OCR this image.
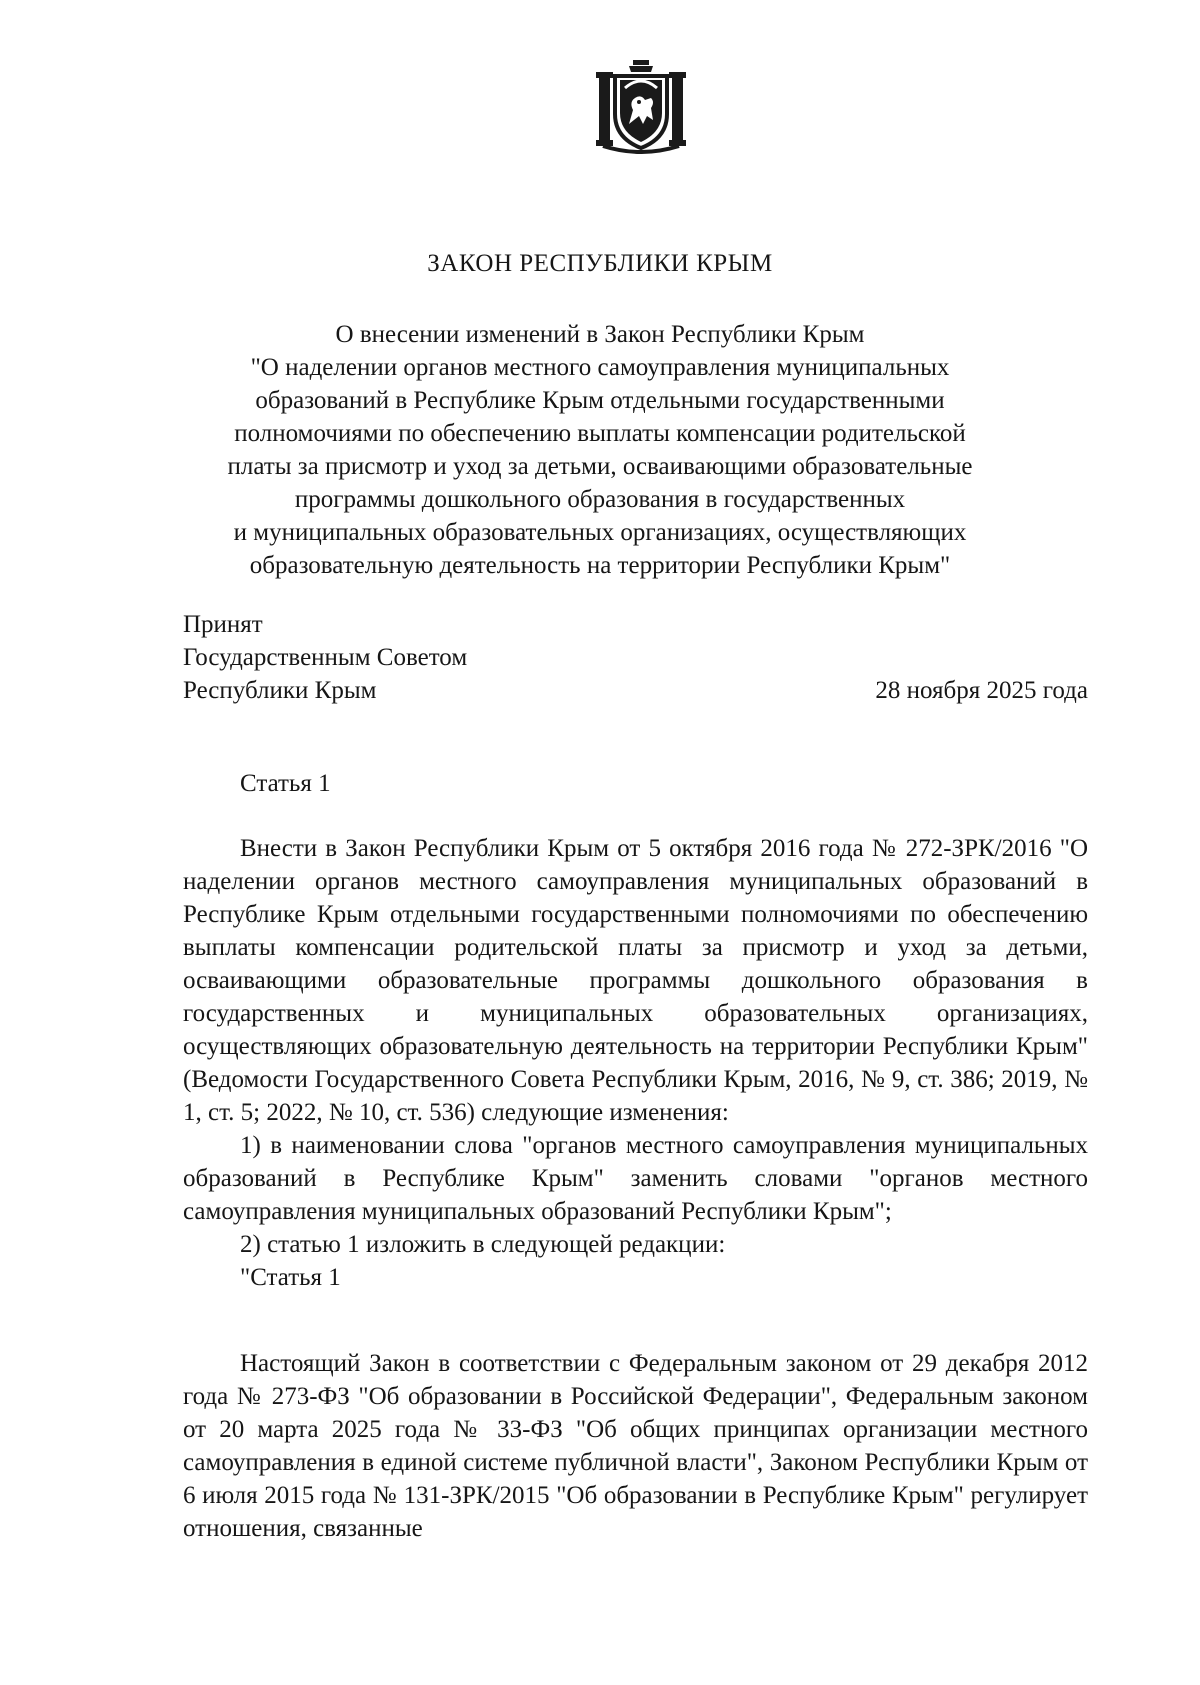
ЗАКОН РЕСПУБЛИКИ КРЫМ
О внесении изменений в Закон Республики Крым
"О наделении органов местного самоуправления муниципальных
образований в Республике Крым отдельными государственными
полномочиями по обеспечению выплаты компенсации родительской
платы за присмотр и уход за детьми, осваивающими образовательные
программы дошкольного образования в государственных
и муниципальных образовательных организациях, осуществляющих
образовательную деятельность на территории Республики Крым"
Принят
Государственным Советом
Республики Крым	28 ноября 2025 года
Статья 1

Внести в Закон Республики Крым от 5 октября 2016 года № 272-ЗРК/2016 "О наделении органов местного самоуправления муниципальных образований в Республике Крым отдельными государственными полномочиями по обеспечению выплаты компенсации родительской платы за присмотр и уход за детьми, осваивающими образовательные программы дошкольного образования в государственных и муниципальных образовательных организациях, осуществляющих образовательную деятельность на территории Республики Крым" (Ведомости Государственного Совета Республики Крым, 2016, № 9, ст. 386; 2019, № 1, ст. 5; 2022, № 10, ст. 536) следующие изменения:

1) в наименовании слова "органов местного самоуправления муниципальных образований в Республике Крым" заменить словами "органов местного самоуправления муниципальных образований Республики Крым";

2) статью 1 изложить в следующей редакции:

"Статья 1

Настоящий Закон в соответствии с Федеральным законом от 29 декабря 2012 года № 273-ФЗ "Об образовании в Российской Федерации", Федеральным законом от 20 марта 2025 года № 33-ФЗ "Об общих принципах организации местного самоуправления в единой системе публичной власти", Законом Республики Крым от 6 июля 2015 года № 131-ЗРК/2015 "Об образовании в Республике Крым" регулирует отношения, связанные
